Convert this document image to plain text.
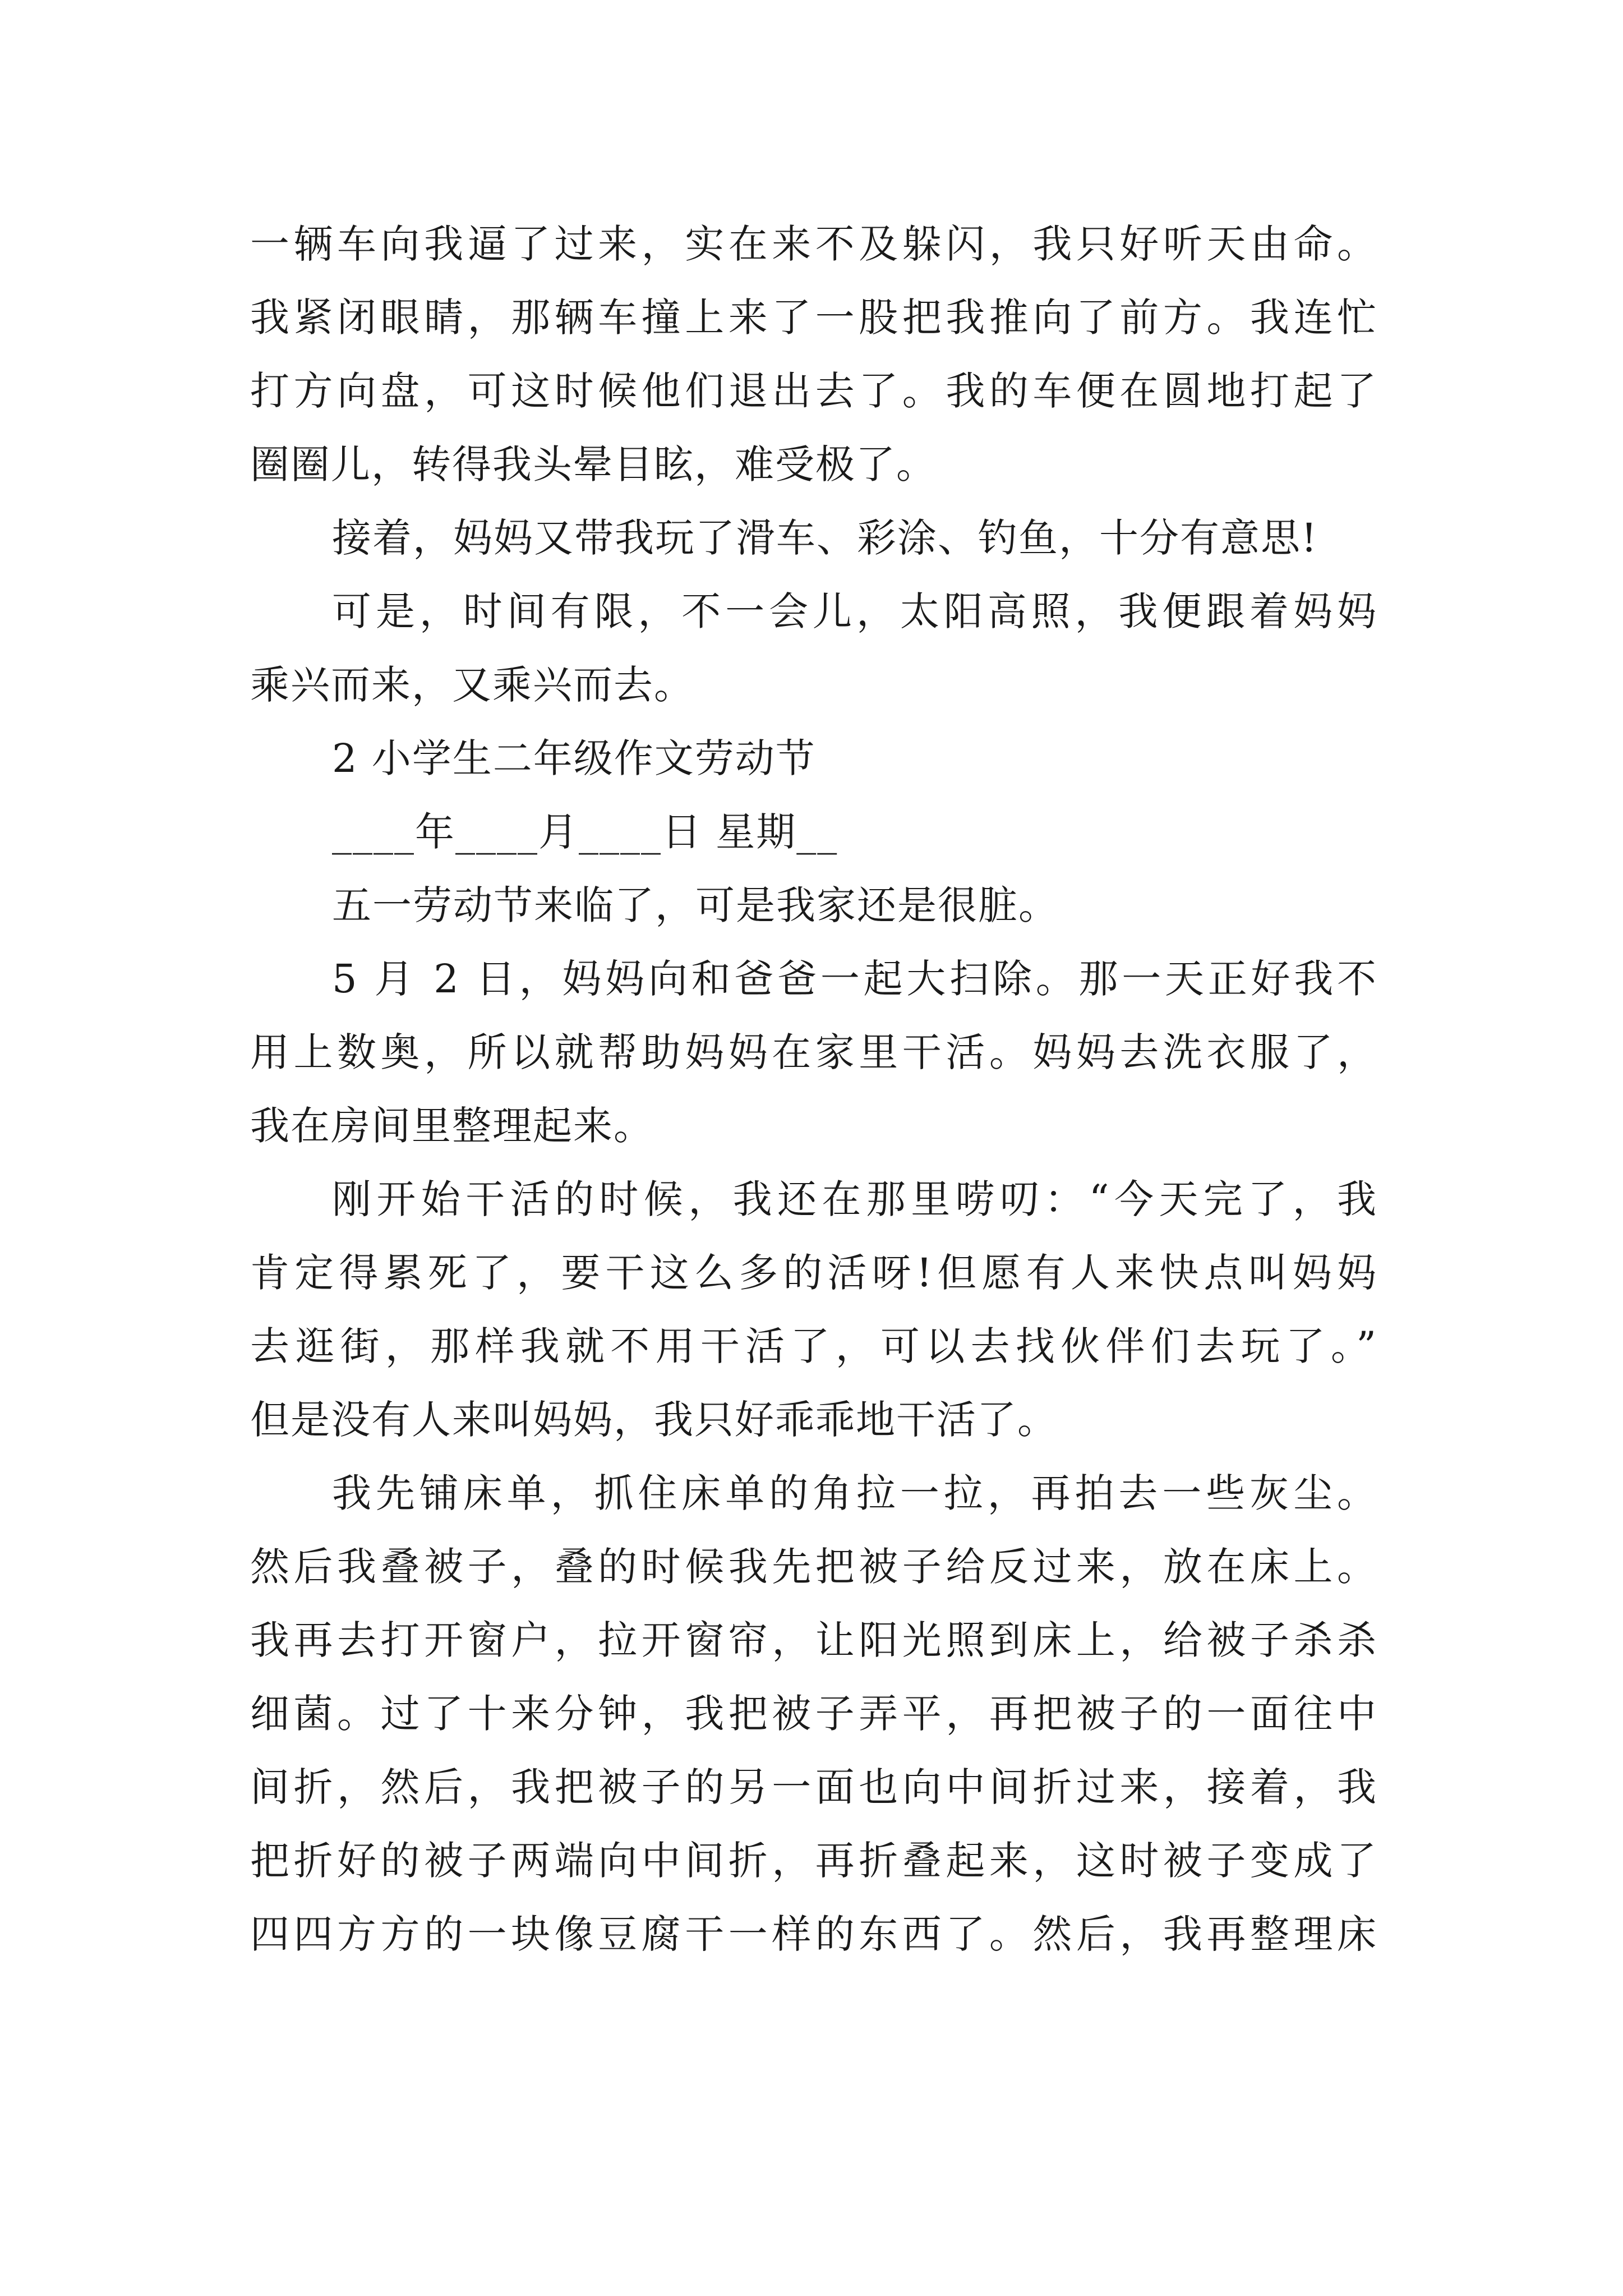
一辆车向我逼了过来，实在来不及躲闪，我只好听天由命。
我紧闭眼睛，那辆车撞上来了一股把我推向了前方。我连忙
打方向盘，可这时候他们退出去了。我的车便在圆地打起了
圈圈儿，转得我头晕目眩，难受极了。
接着，妈妈又带我玩了滑车、彩涂、钓鱼，十分有意思!
可是，时间有限，不一会儿，太阳高照，我便跟着妈妈
乘兴而来，又乘兴而去。
2 小学生二年级作文劳动节
____年____月____日 星期__
五一劳动节来临了，可是我家还是很脏。
5 月 2 日，妈妈向和爸爸一起大扫除。那一天正好我不
用上数奥，所以就帮助妈妈在家里干活。妈妈去洗衣服了，
我在房间里整理起来。
刚开始干活的时候，我还在那里唠叨：“今天完了，我
肯定得累死了，要干这么多的活呀!但愿有人来快点叫妈妈
去逛街，那样我就不用干活了，可以去找伙伴们去玩了。”
但是没有人来叫妈妈，我只好乖乖地干活了。
我先铺床单，抓住床单的角拉一拉，再拍去一些灰尘。
然后我叠被子，叠的时候我先把被子给反过来，放在床上。
我再去打开窗户，拉开窗帘，让阳光照到床上，给被子杀杀
细菌。过了十来分钟，我把被子弄平，再把被子的一面往中
间折，然后，我把被子的另一面也向中间折过来，接着，我
把折好的被子两端向中间折，再折叠起来，这时被子变成了
四四方方的一块像豆腐干一样的东西了。然后，我再整理床
